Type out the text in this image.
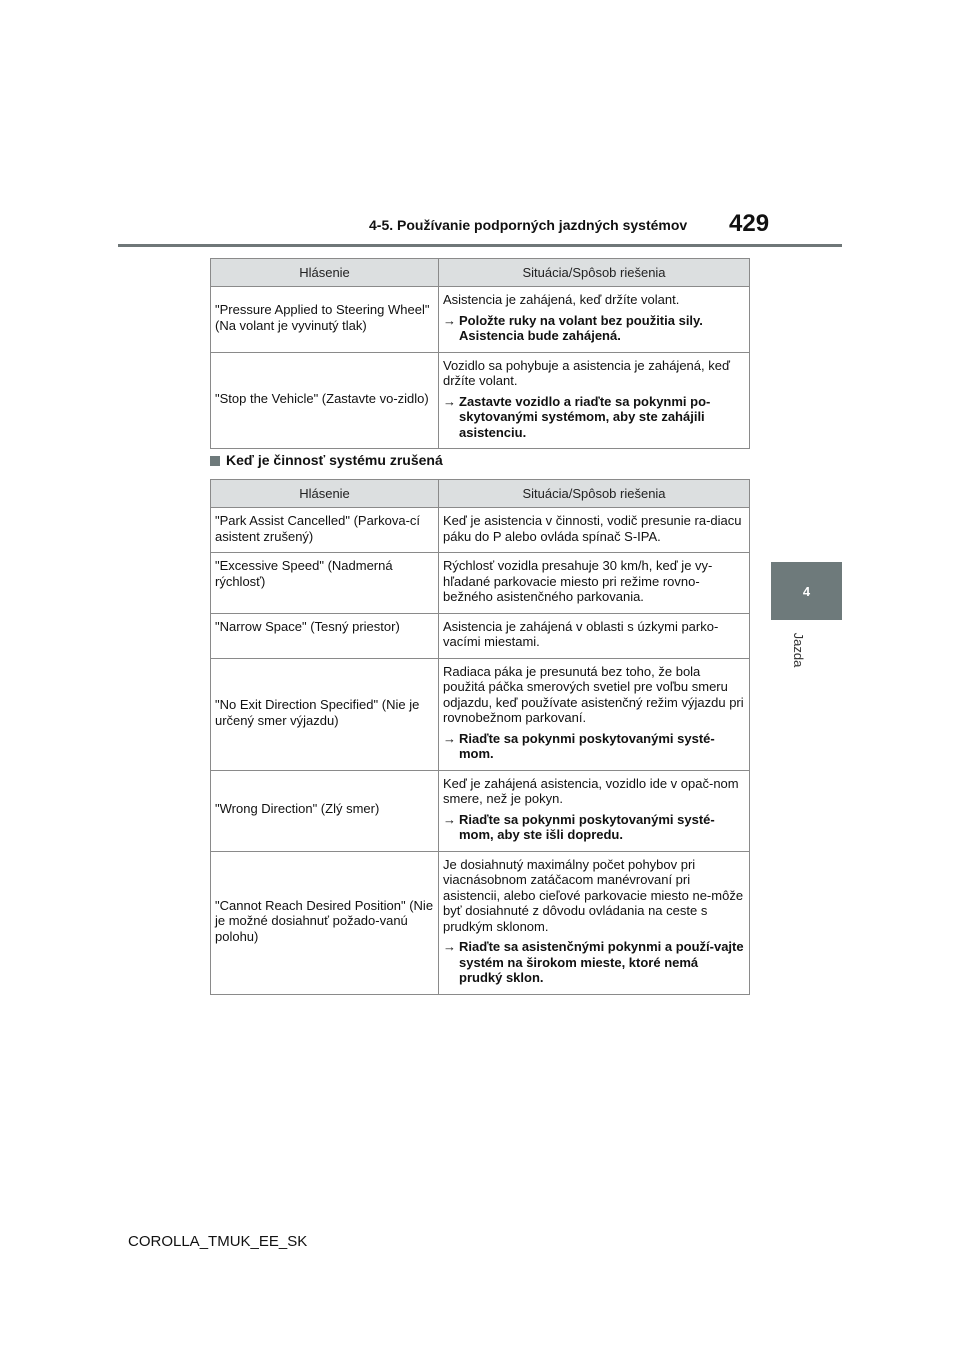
4-5. Používanie podporných jazdných systémov 429
4
Jazda
Hlásenie	Situácia/Spôsob riešenia
"Pressure Applied to Steering Wheel" (Na volant je vyvinutý tlak)	Asistencia je zahájená, keď držíte volant.
→ Položte ruky na volant bez použitia sily. Asistencia bude zahájená.

"Stop the Vehicle" (Zastavte vo-zidlo)	Vozidlo sa pohybuje a asistencia je zahájená, keď držíte volant.
→ Zastavte vozidlo a riaďte sa pokynmi po-skytovanými systémom, aby ste zahájili asistenciu.
Keď je činnosť systému zrušená
Hlásenie	Situácia/Spôsob riešenia
"Park Assist Cancelled" (Parkova-cí asistent zrušený)	Keď je asistencia v činnosti, vodič presunie ra-diacu páku do P alebo ovláda spínač S-IPA.

"Excessive Speed" (Nadmerná rýchlosť)	Rýchlosť vozidla presahuje 30 km/h, keď je vy-hľadané parkovacie miesto pri režime rovno-bežného asistenčného parkovania.

"Narrow Space" (Tesný priestor)	Asistencia je zahájená v oblasti s úzkymi parko-vacími miestami.

"No Exit Direction Specified" (Nie je určený smer výjazdu)	Radiaca páka je presunutá bez toho, že bola použitá páčka smerových svetiel pre voľbu smeru odjazdu, keď používate asistenčný režim výjazdu pri rovnobežnom parkovaní.
→ Riaďte sa pokynmi poskytovanými systé-mom.

"Wrong Direction" (Zlý smer)	Keď je zahájená asistencia, vozidlo ide v opač-nom smere, než je pokyn.
→ Riaďte sa pokynmi poskytovanými systé-mom, aby ste išli dopredu.

"Cannot Reach Desired Position" (Nie je možné dosiahnuť požado-vanú polohu)	Je dosiahnutý maximálny počet pohybov pri viacnásobnom zatáčacom manévrovaní pri asistencii, alebo cieľové parkovacie miesto ne-môže byť dosiahnuté z dôvodu ovládania na ceste s prudkým sklonom.
→ Riaďte sa asistenčnými pokynmi a použí-vajte systém na širokom mieste, ktoré nemá prudký sklon.
COROLLA_TMUK_EE_SK
